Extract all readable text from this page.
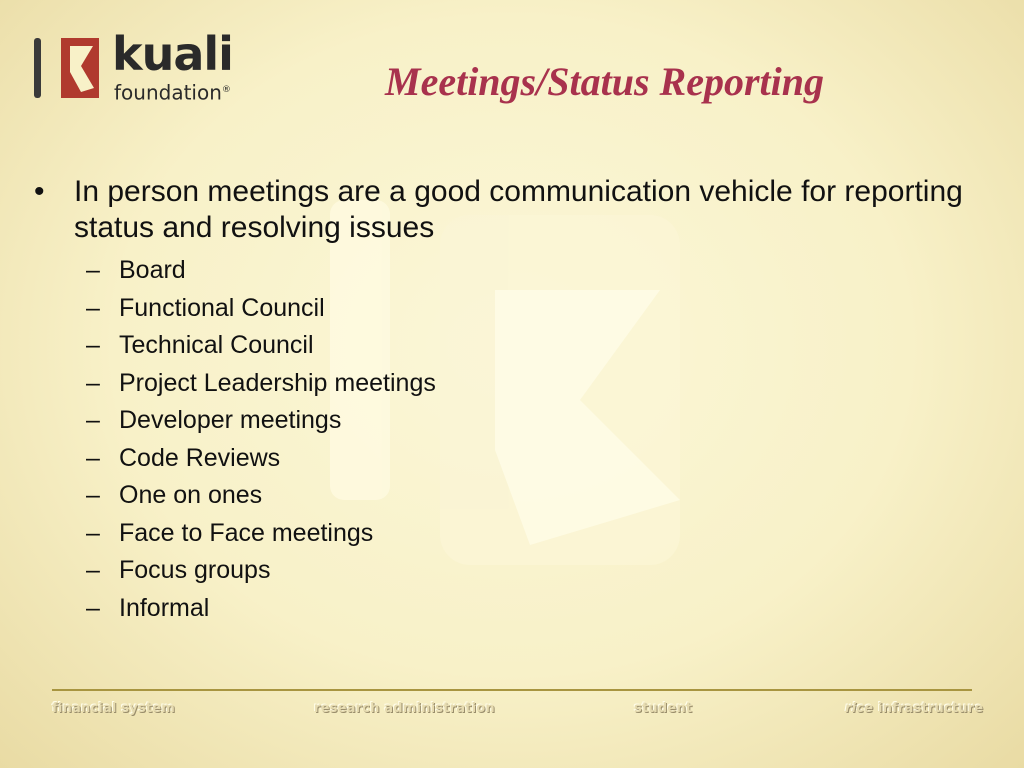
kuali
foundation®	Meetings/Status Reporting
• In person meetings are a good communication vehicle for reporting status and resolving issues
– Board
– Functional Council
– Technical Council
– Project Leadership meetings
– Developer meetings
– Code Reviews
– One on ones
– Face to Face meetings
– Focus groups
– Informal
financial system	research administration	student	rice infrastructure
